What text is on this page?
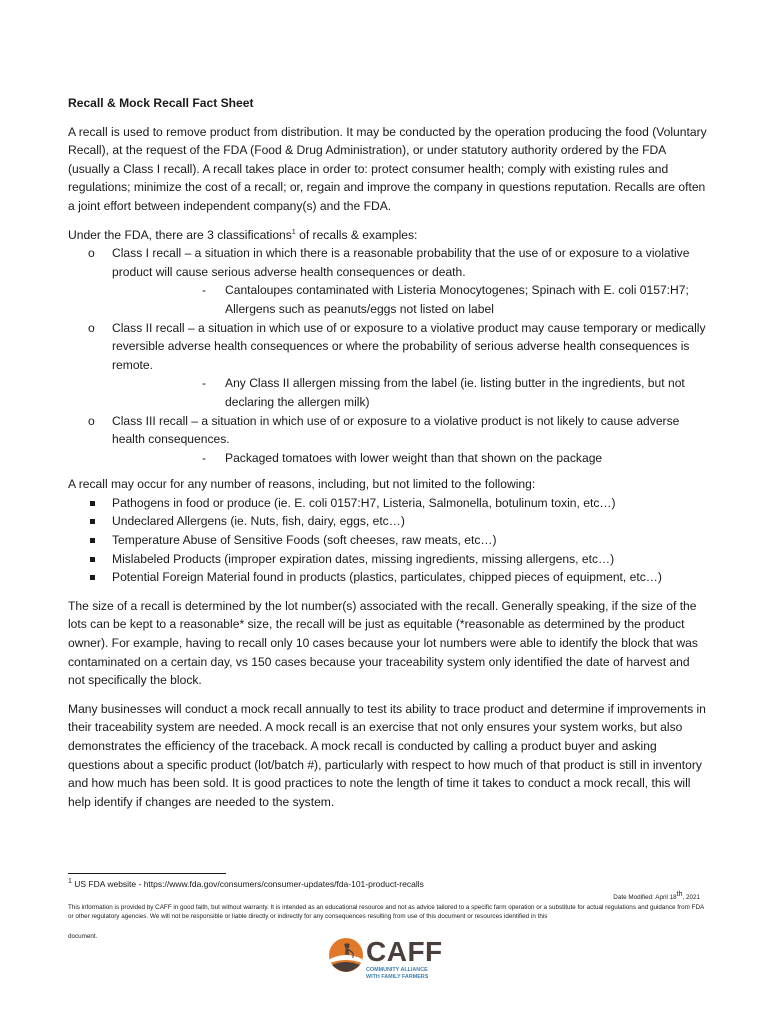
Recall & Mock Recall Fact Sheet

A recall is used to remove product from distribution. It may be conducted by the operation producing the food (Voluntary Recall), at the request of the FDA (Food & Drug Administration), or under statutory authority ordered by the FDA (usually a Class I recall). A recall takes place in order to: protect consumer health; comply with existing rules and regulations; minimize the cost of a recall; or, regain and improve the company in questions reputation. Recalls are often a joint effort between independent company(s) and the FDA.

Under the FDA, there are 3 classifications$^1$ of recalls & examples:
o Class I recall – a situation in which there is a reasonable probability that the use of or exposure to a violative product will cause serious adverse health consequences or death.
- Cantaloupes contaminated with Listeria Monocytogenes; Spinach with E. coli 0157:H7; Allergens such as peanuts/eggs not listed on label
o Class II recall – a situation in which use of or exposure to a violative product may cause temporary or medically reversible adverse health consequences or where the probability of serious adverse health consequences is remote.
- Any Class II allergen missing from the label (ie. listing butter in the ingredients, but not declaring the allergen milk)
o Class III recall – a situation in which use of or exposure to a violative product is not likely to cause adverse health consequences.
- Packaged tomatoes with lower weight than that shown on the package
A recall may occur for any number of reasons, including, but not limited to the following:
Pathogens in food or produce (ie. E. coli 0157:H7, Listeria, Salmonella, botulinum toxin, etc…)
Undeclared Allergens (ie. Nuts, fish, dairy, eggs, etc…)
Temperature Abuse of Sensitive Foods (soft cheeses, raw meats, etc…)
Mislabeled Products (improper expiration dates, missing ingredients, missing allergens, etc…)
Potential Foreign Material found in products (plastics, particulates, chipped pieces of equipment, etc…)

The size of a recall is determined by the lot number(s) associated with the recall. Generally speaking, if the size of the lots can be kept to a reasonable* size, the recall will be just as equitable (*reasonable as determined by the product owner). For example, having to recall only 10 cases because your lot numbers were able to identify the block that was contaminated on a certain day, vs 150 cases because your traceability system only identified the date of harvest and not specifically the block.

Many businesses will conduct a mock recall annually to test its ability to trace product and determine if improvements in their traceability system are needed. A mock recall is an exercise that not only ensures your system works, but also demonstrates the efficiency of the traceback. A mock recall is conducted by calling a product buyer and asking questions about a specific product (lot/batch #), particularly with respect to how much of that product is still in inventory and how much has been sold. It is good practices to note the length of time it takes to conduct a mock recall, this will help identify if changes are needed to the system.

$^1$ US FDA website - https://www.fda.gov/consumers/consumer-updates/fda-101-product-recalls
Date Modified: April 18th, 2021
This information is provided by CAFF in good faith, but without warranty. It is intended as an educational resource and not as advice tailored to a specific farm operation or a substitute for actual regulations and guidance from FDA or other regulatory agencies. We will not be responsible or liable directly or indirectly for any consequences resulting from use of this document or resources identified in this
document.	CAFF
COMMUNITY ALLIANCE
WITH FAMILY FARMERS
